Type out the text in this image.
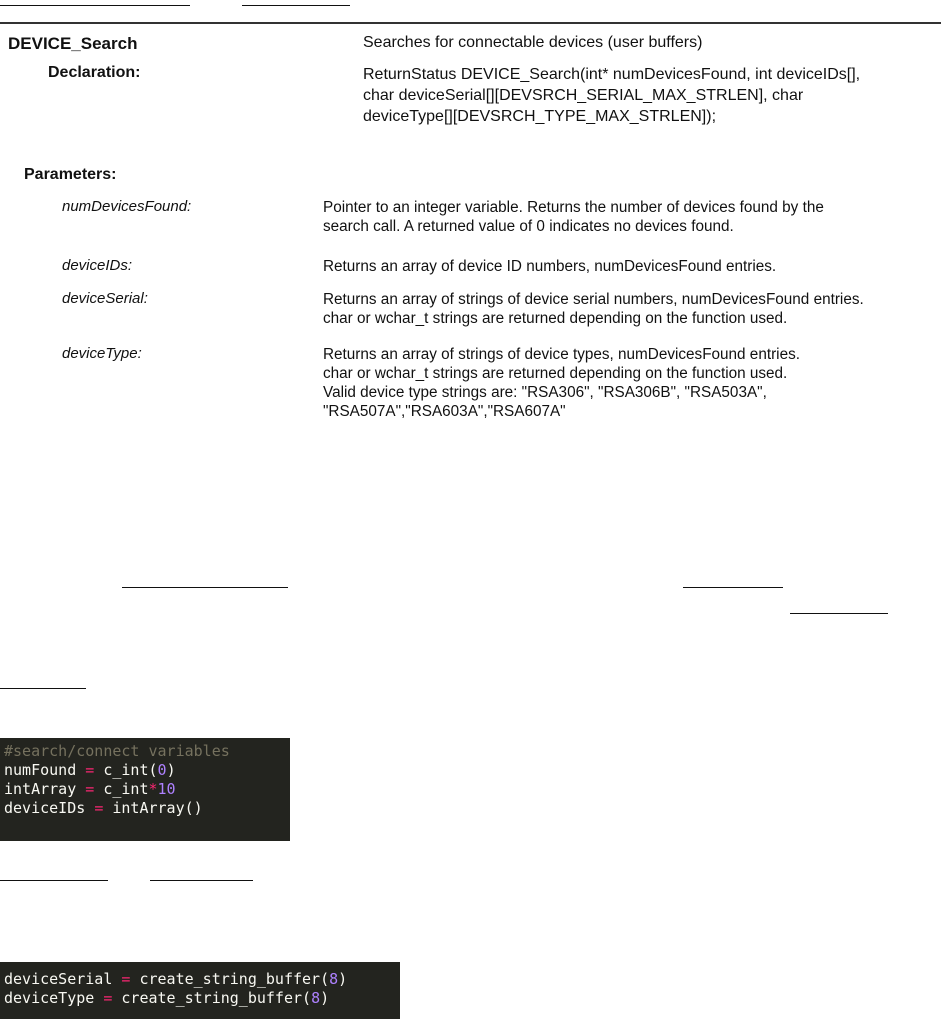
DEVICE_Search	Searches for connectable devices (user buffers)
Declaration:	ReturnStatus DEVICE_Search(int* numDevicesFound, int deviceIDs[],
char deviceSerial[][DEVSRCH_SERIAL_MAX_STRLEN], char
deviceType[][DEVSRCH_TYPE_MAX_STRLEN]);
Parameters:
numDevicesFound:	Pointer to an integer variable. Returns the number of devices found by the
search call. A returned value of 0 indicates no devices found.
deviceIDs:	Returns an array of device ID numbers, numDevicesFound entries.
deviceSerial:	Returns an array of strings of device serial numbers, numDevicesFound entries.
char or wchar_t strings are returned depending on the function used.
deviceType:	Returns an array of strings of device types, numDevicesFound entries.
char or wchar_t strings are returned depending on the function used.
Valid device type strings are: "RSA306", "RSA306B", "RSA503A",
"RSA507A","RSA603A","RSA607A"
#search/connect variables
numFound = c_int(0)
intArray = c_int*10
deviceIDs = intArray()
deviceSerial = create_string_buffer(8)
deviceType = create_string_buffer(8)
